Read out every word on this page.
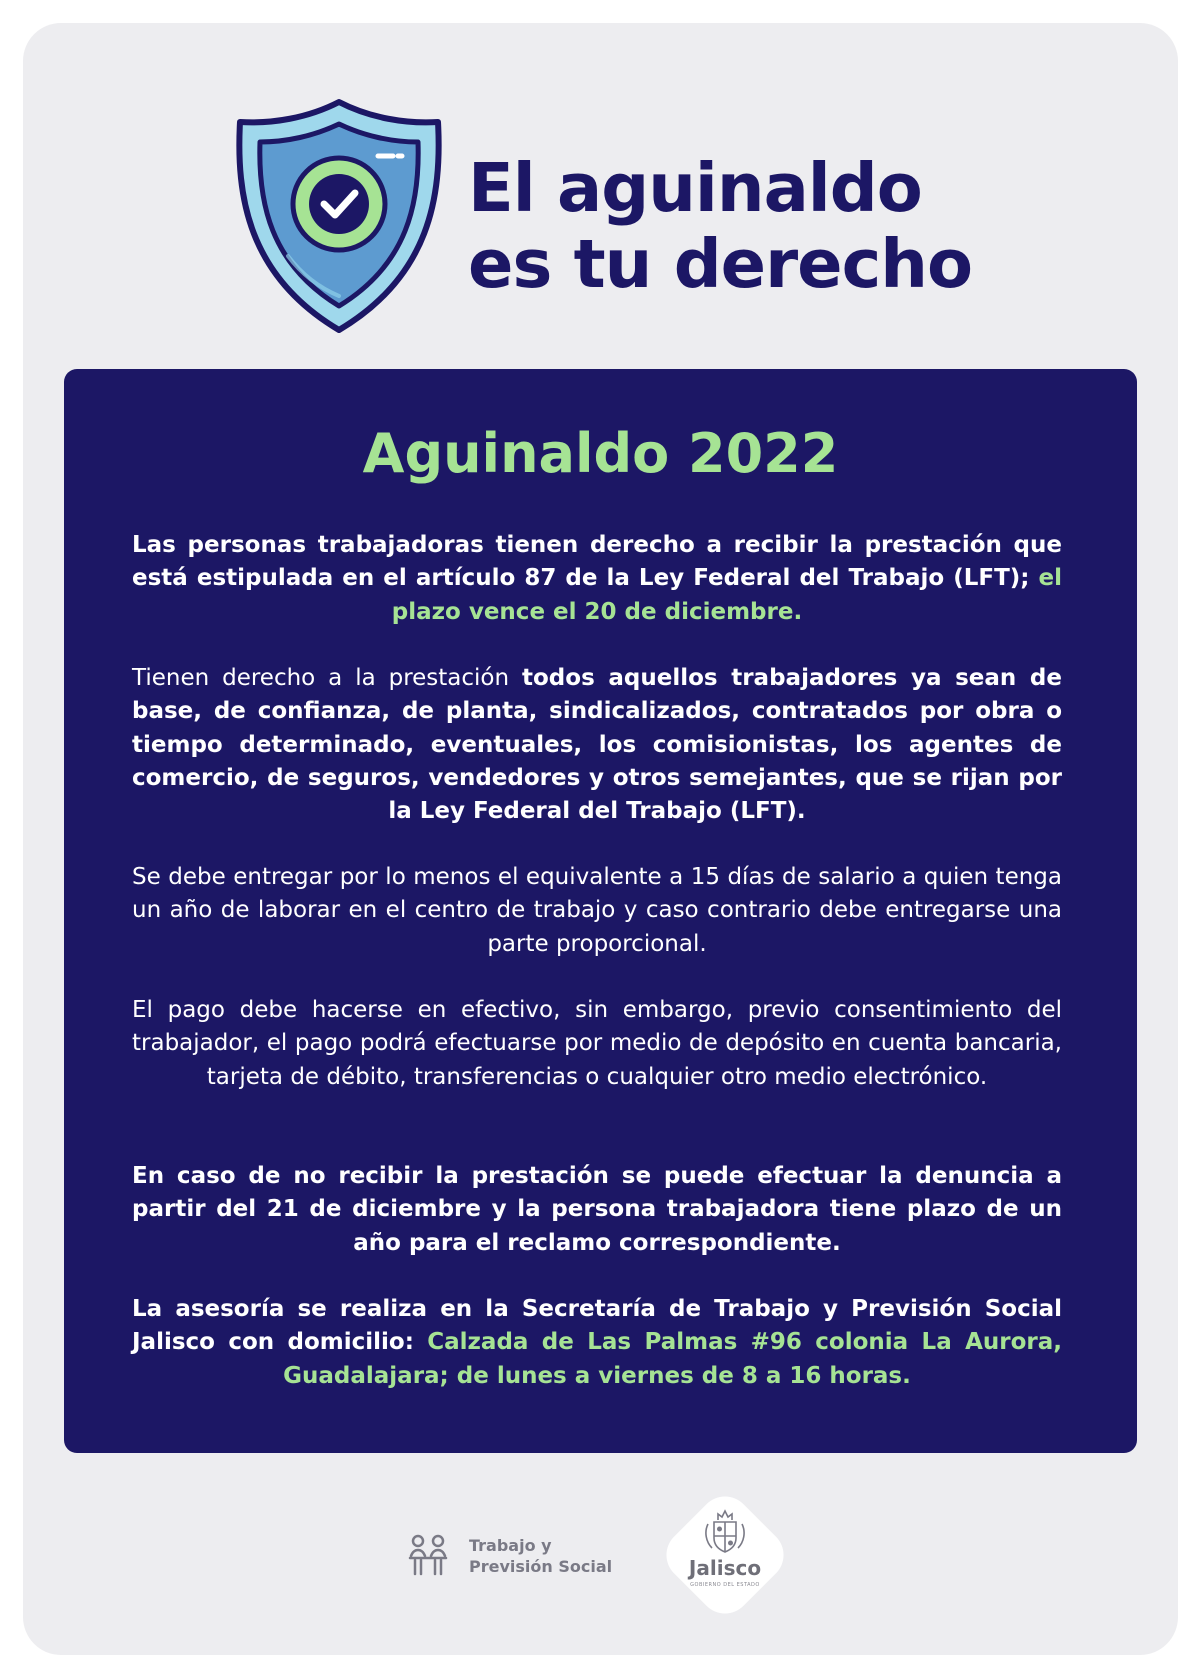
El aguinaldo
es tu derecho
Aguinaldo 2022

Las personas trabajadoras tienen derecho a recibir la prestación que está estipulada en el artículo 87 de la Ley Federal del Trabajo (LFT); el plazo vence el 20 de diciembre.

Tienen derecho a la prestación todos aquellos trabajadores ya sean de base, de confianza, de planta, sindicalizados, contratados por obra o tiempo determinado, eventuales, los comisionistas, los agentes de comercio, de seguros, vendedores y otros semejantes, que se rijan por la Ley Federal del Trabajo (LFT).

Se debe entregar por lo menos el equivalente a 15 días de salario a quien tenga un año de laborar en el centro de trabajo y caso contrario debe entregarse una parte proporcional.

El pago debe hacerse en efectivo, sin embargo, previo consentimiento del trabajador, el pago podrá efectuarse por medio de depósito en cuenta bancaria, tarjeta de débito, transferencias o cualquier otro medio electrónico.

En caso de no recibir la prestación se puede efectuar la denuncia a partir del 21 de diciembre y la persona trabajadora tiene plazo de un año para el reclamo correspondiente.

La asesoría se realiza en la Secretaría de Trabajo y Previsión Social Jalisco con domicilio: Calzada de Las Palmas #96 colonia La Aurora, Guadalajara; de lunes a viernes de 8 a 16 horas.

Trabajo y
Previsión Social	Jalisco
GOBIERNO DEL ESTADO
